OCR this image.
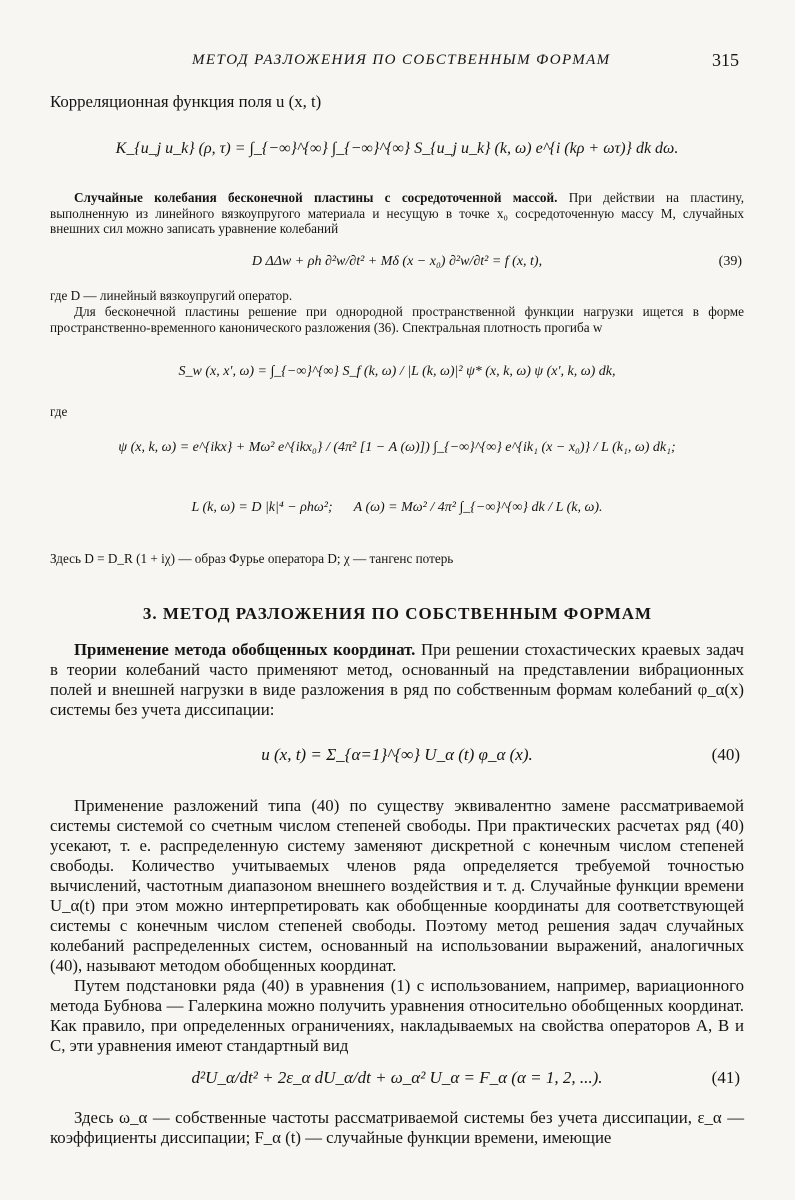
МЕТОД РАЗЛОЖЕНИЯ ПО СОБСТВЕННЫМ ФОРМАМ	315
Корреляционная функция поля u (x, t)
K_{u_j u_k} (ρ, τ) = ∫_{−∞}^{∞} ∫_{−∞}^{∞} S_{u_j u_k} (k, ω) e^{i (kρ + ωτ)} dk dω.
Случайные колебания бесконечной пластины с сосредоточенной массой. При действии на пластину, выполненную из линейного вязкоупругого материала и несущую в точке x₀ сосредоточенную массу M, случайных внешних сил можно записать уравнение колебаний
D ΔΔw + ρh ∂²w/∂t² + Mδ (x − x₀) ∂²w/∂t² = f (x, t),	(39)
где D — линейный вязкоупругий оператор.
Для бесконечной пластины решение при однородной пространственной функции нагрузки ищется в форме пространственно-временного канонического разложения (36). Спектральная плотность прогиба w
S_w (x, x′, ω) = ∫_{−∞}^{∞} S_f (k, ω) / |L (k, ω)|² ψ* (x, k, ω) ψ (x′, k, ω) dk,
где
ψ (x, k, ω) = e^{ikx} + Mω² e^{ikx₀} / (4π² [1 − A (ω)]) ∫_{−∞}^{∞} e^{ik₁ (x − x₀)} / L (k₁, ω) dk₁;
L (k, ω) = D |k|⁴ − ρhω²; A (ω) = Mω² / 4π² ∫_{−∞}^{∞} dk / L (k, ω).
Здесь D = D_R (1 + iχ) — образ Фурье оператора D; χ — тангенс потерь
3. МЕТОД РАЗЛОЖЕНИЯ ПО СОБСТВЕННЫМ ФОРМАМ
Применение метода обобщенных координат. При решении стохастических краевых задач в теории колебаний часто применяют метод, основанный на представлении вибрационных полей и внешней нагрузки в виде разложения в ряд по собственным формам колебаний φ_α(x) системы без учета диссипации:
u (x, t) = Σ_{α=1}^{∞} U_α (t) φ_α (x).	(40)
Применение разложений типа (40) по существу эквивалентно замене рассматриваемой системы системой со счетным числом степеней свободы. При практических расчетах ряд (40) усекают, т. е. распределенную систему заменяют дискретной с конечным числом степеней свободы. Количество учитываемых членов ряда определяется требуемой точностью вычислений, частотным диапазоном внешнего воздействия и т. д. Случайные функции времени U_α(t) при этом можно интерпретировать как обобщенные координаты для соответствующей системы с конечным числом степеней свободы. Поэтому метод решения задач случайных колебаний распределенных систем, основанный на использовании выражений, аналогичных (40), называют методом обобщенных координат.
Путем подстановки ряда (40) в уравнения (1) с использованием, например, вариационного метода Бубнова — Галеркина можно получить уравнения относительно обобщенных координат. Как правило, при определенных ограничениях, накладываемых на свойства операторов A, B и C, эти уравнения имеют стандартный вид
d²U_α/dt² + 2ε_α dU_α/dt + ω_α² U_α = F_α (α = 1, 2, ...).	(41)
Здесь ω_α — собственные частоты рассматриваемой системы без учета диссипации, ε_α — коэффициенты диссипации; F_α (t) — случайные функции времени, имеющие
